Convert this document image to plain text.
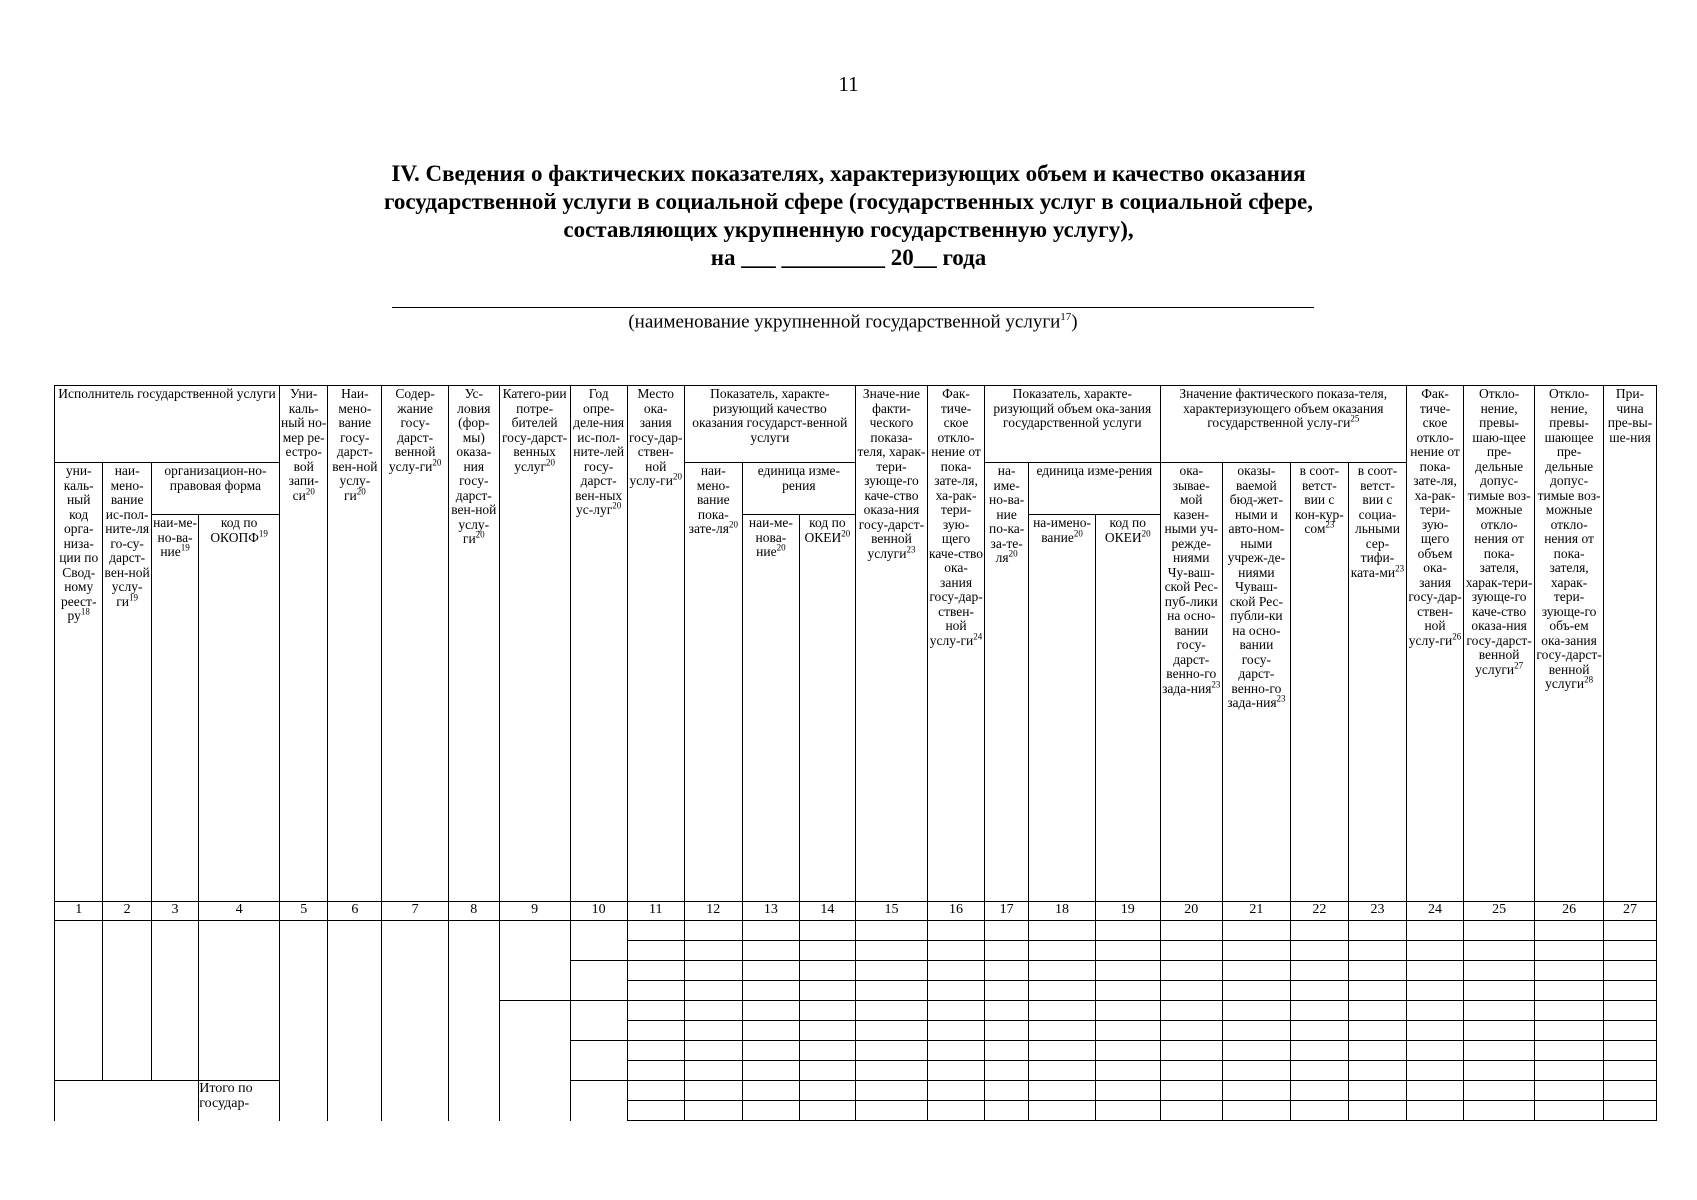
11
IV. Сведения о фактических показателях, характеризующих объем и качество оказания
государственной услуги в социальной сфере (государственных услуг в социальной сфере,
составляющих укрупненную государственную услугу),
на ___ _________ 20__ года
(наименование укрупненной государственной услуги$^{17}$)
Исполнитель государственной услуги				Уни-каль-ный но-мер ре-естро-вой запи-$си^{20}$	Наи-мено-вание госу-дарст-вен-ной услу-$ги^{20}$	Содер-жание госу-дарст-венной услу-$ги^{20}$	Ус-ловия (фор-мы) оказа-ния госу-дарст-вен-ной услу-$ги^{20}$	Катего-рии потре-бителей госу-дарст-венных услуг$^{20}$	Год опре-деле-ния ис-пол-ните-лей госу-дарст-вен-ных ус-луг$^{20}$	Место ока-зания госу-дар-ствен-ной услу-$ги^{20}$	Показатель, характе-ризующий качество оказания государст-венной услуги			Значе-ние факти-ческого показа-теля, харак-тери-зующе-го каче-ство оказа-ния госу-дарст-венной услуги$^{23}$	Фак-тиче-ское откло-нение от пока-зате-ля, ха-рак-тери-зую-щего каче-ство ока-зания госу-дар-ствен-ной услу-$ги^{24}$	Показатель, характе-ризующий объем ока-зания государственной услуги			Значение фактического показа-теля, характеризующего объем оказания государственной услу-$ги^{25}$				Фак-тиче-ское откло-нение от пока-зате-ля, ха-рак-тери-зую-щего объем ока-зания госу-дар-ствен-ной услу-$ги^{26}$	Откло-нение, превы-шаю-щее пре-дельные допус-тимые воз-можные откло-нения от пока-зателя, харак-тери-зующе-го каче-ство оказа-ния госу-дарст-венной услуги$^{27}$	Откло-нение, превы-шающее пре-дельные допус-тимые воз-можные откло-нения от пока-зателя, харак-тери-зующе-го объ-ем ока-зания госу-дарст-венной услуги$^{28}$	При-чина пре-вы-ше-ния
уни-каль-ный код орга-низа-ции по Свод-ному реест-$ру^{18}$	наи-мено-вание ис-пол-ните-ля го-су-дарст-вен-ной услу-$ги^{19}$	организацион-но-правовая форма									наи-мено-вание пока-$зате-ля^{20}$	единица изме-рения				на-име-но-ва-ние $по-ка-за-те-ля^{20}$	единица изме-рения		ока-зывае-мой казен-ными уч-режде-ниями Чу-ваш-ской Рес-пуб-лики на осно-вании госу-дарст-венно-го зада-ния$^{23}$	оказы-ваемой бюд-жет-ными и авто-ном-ными учреж-де-ниями Чуваш-ской Рес-публи-ки на осно-вании госу-дарст-венно-го зада-ния$^{23}$	в соот-ветст-вии с кон-кур-сом$^{23}$	в соот-ветст-вии с социа-льными сер-$тифи-ката-ми^{23}$
		наи-ме-но-ва-ние$^{19}$	код по ОКОПФ$^{19}$									наи-ме-нова-ние$^{20}$	код по ОКЕИ$^{20}$				на-имено-вание$^{20}$	код по ОКЕИ$^{20}$
1	2	3	4	5	6	7	8	9	10	11	12	13	14	15	16	17	18	19	20	21	22	23	24	25	26	27

			Итого по государ-																							
